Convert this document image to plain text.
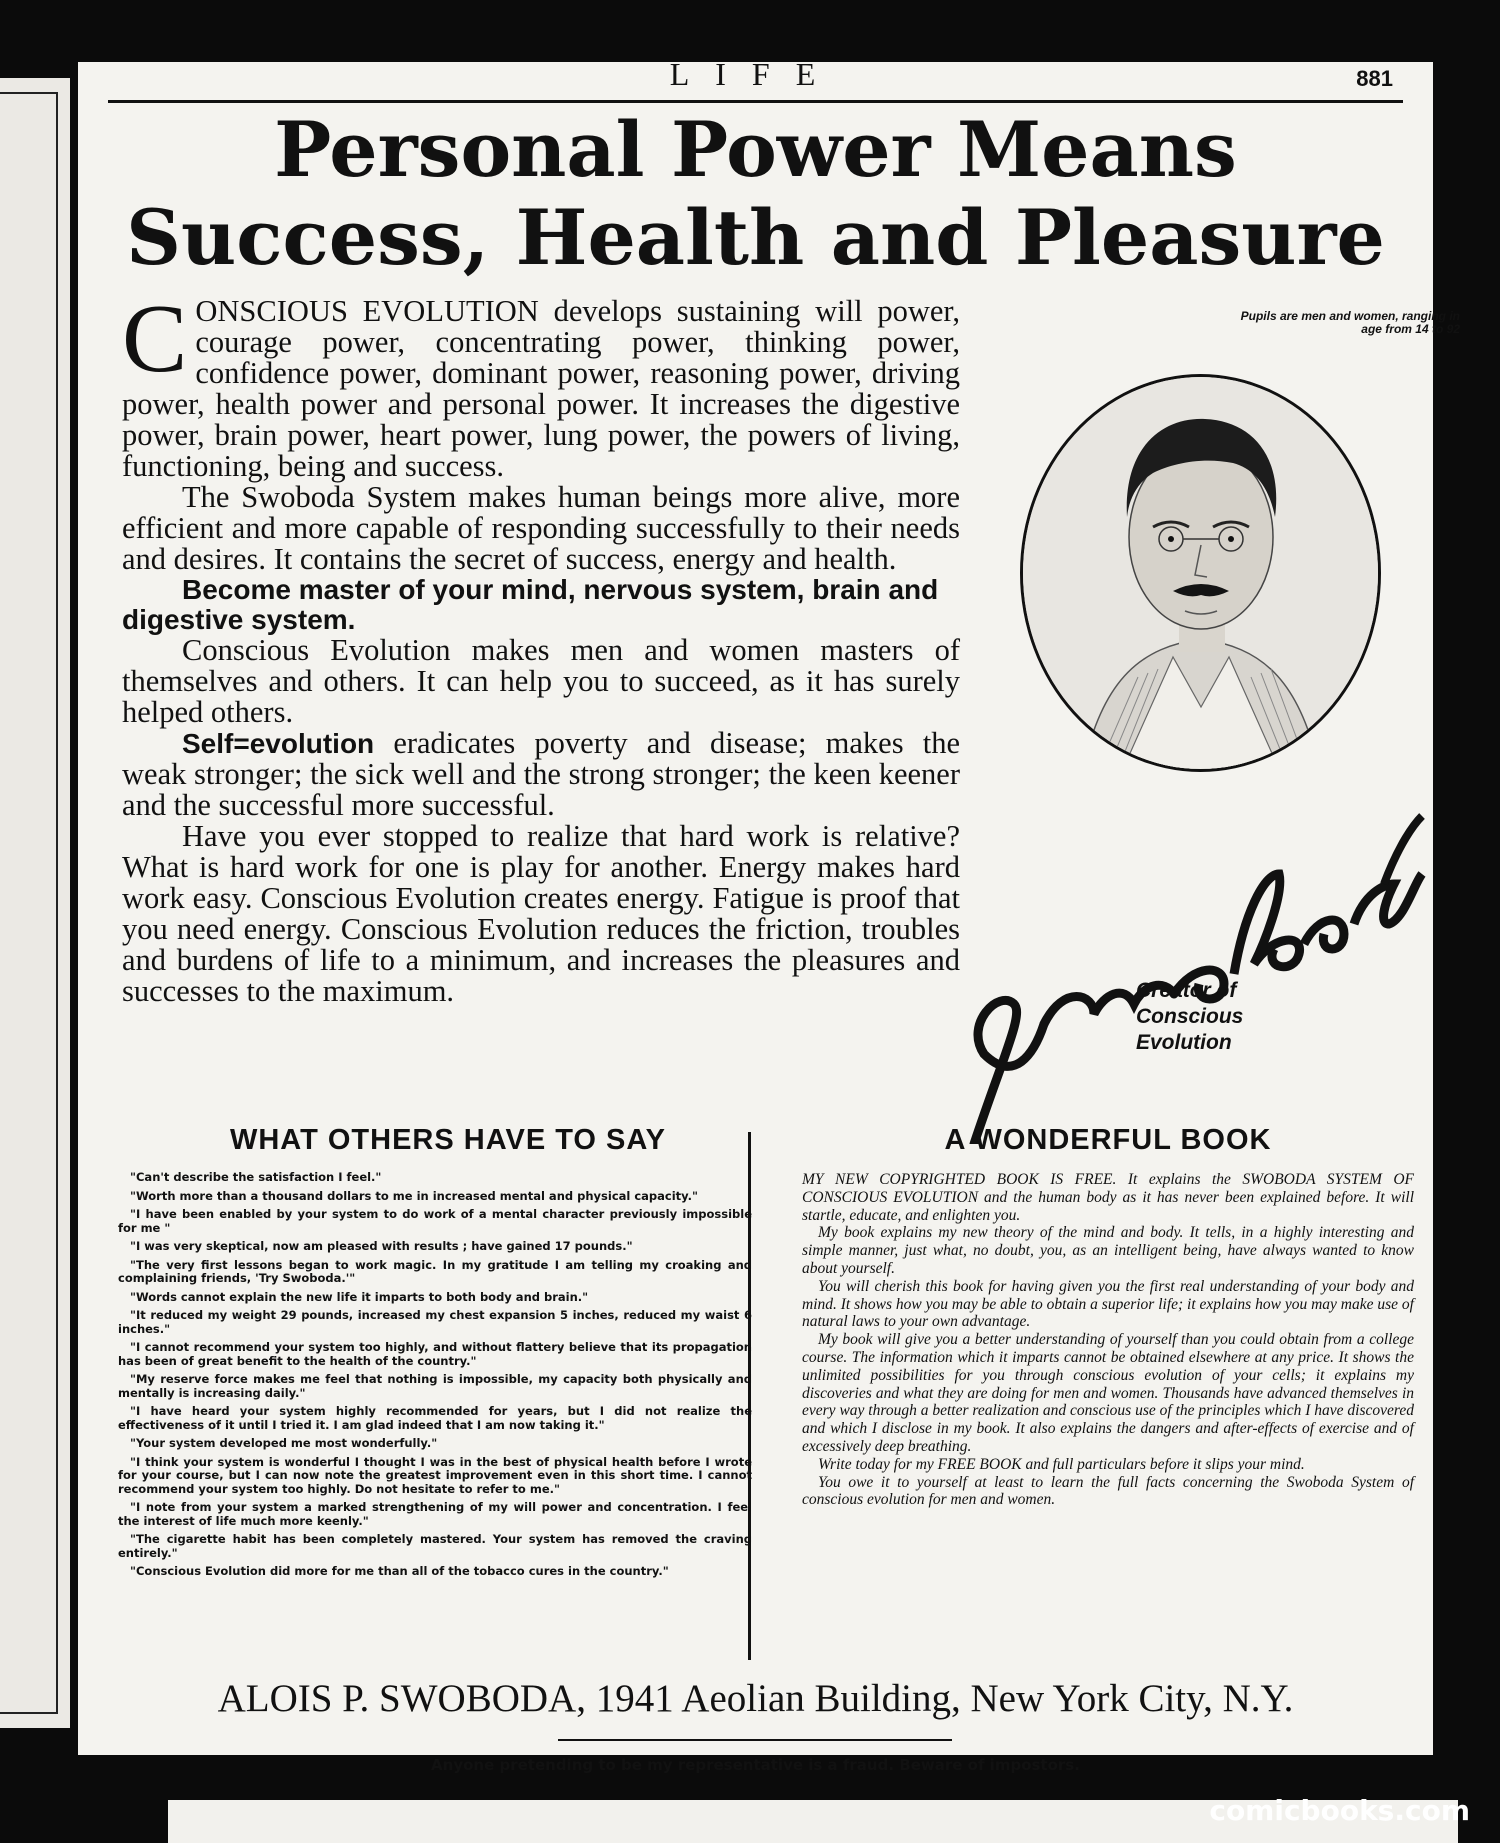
LIFE	881
Personal Power Means
Success, Health and Pleasure

CONSCIOUS EVOLUTION develops sustaining will power, courage power, concentrating power, thinking power, confidence power, dominant power, reasoning power, driving power, health power and personal power. It increases the digestive power, brain power, heart power, lung power, the powers of living, functioning, being and success.

The Swoboda System makes human beings more alive, more efficient and more capable of responding successfully to their needs and desires. It contains the secret of success, energy and health.

Become master of your mind, nervous system, brain and digestive system.

Conscious Evolution makes men and women masters of themselves and others. It can help you to succeed, as it has surely helped others.

Self=evolution eradicates poverty and disease; makes the weak stronger; the sick well and the strong stronger; the keen keener and the successful more successful.

Have you ever stopped to realize that hard work is relative? What is hard work for one is play for another. Energy makes hard work easy. Conscious Evolution creates energy. Fatigue is proof that you need energy. Conscious Evolution reduces the friction, troubles and burdens of life to a minimum, and increases the pleasures and successes to the maximum.

Pupils are men and women, ranging in age from 14 to 92
Creator of
Conscious
Evolution
WHAT OTHERS HAVE TO SAY
"Can't describe the satisfaction I feel."
"Worth more than a thousand dollars to me in increased mental and physical capacity."
"I have been enabled by your system to do work of a mental character previously impossible for me "
"I was very skeptical, now am pleased with results ; have gained 17 pounds."
"The very first lessons began to work magic. In my gratitude I am telling my croaking and complaining friends, 'Try Swoboda.'"
"Words cannot explain the new life it imparts to both body and brain."
"It reduced my weight 29 pounds, increased my chest expansion 5 inches, reduced my waist 6 inches."
"I cannot recommend your system too highly, and without flattery believe that its propagation has been of great benefit to the health of the country."
"My reserve force makes me feel that nothing is impossible, my capacity both physically and mentally is increasing daily."
"I have heard your system highly recommended for years, but I did not realize the effectiveness of it until I tried it. I am glad indeed that I am now taking it."
"Your system developed me most wonderfully."
"I think your system is wonderful I thought I was in the best of physical health before I wrote for your course, but I can now note the greatest improvement even in this short time. I cannot recommend your system too highly. Do not hesitate to refer to me."
"I note from your system a marked strengthening of my will power and concentration. I feel the interest of life much more keenly."
"The cigarette habit has been completely mastered. Your system has removed the craving entirely."
"Conscious Evolution did more for me than all of the tobacco cures in the country."
A WONDERFUL BOOK

MY NEW COPYRIGHTED BOOK IS FREE. It explains the SWOBODA SYSTEM OF CONSCIOUS EVOLUTION and the human body as it has never been explained before. It will startle, educate, and enlighten you.

My book explains my new theory of the mind and body. It tells, in a highly interesting and simple manner, just what, no doubt, you, as an intelligent being, have always wanted to know about yourself.

You will cherish this book for having given you the first real understanding of your body and mind. It shows how you may be able to obtain a superior life; it explains how you may make use of natural laws to your own advantage.

My book will give you a better understanding of yourself than you could obtain from a college course. The information which it imparts cannot be obtained elsewhere at any price. It shows the unlimited possibilities for you through conscious evolution of your cells; it explains my discoveries and what they are doing for men and women. Thousands have advanced themselves in every way through a better realization and conscious use of the principles which I have discovered and which I disclose in my book. It also explains the dangers and after-effects of exercise and of excessively deep breathing.

Write today for my FREE BOOK and full particulars before it slips your mind.

You owe it to yourself at least to learn the full facts concerning the Swoboda System of conscious evolution for men and women.

ALOIS P. SWOBODA, 1941 Aeolian Building, New York City, N.Y.
Anyone pretending to be my representative is a fraud. Beware of impostors.
comicbooks.com
